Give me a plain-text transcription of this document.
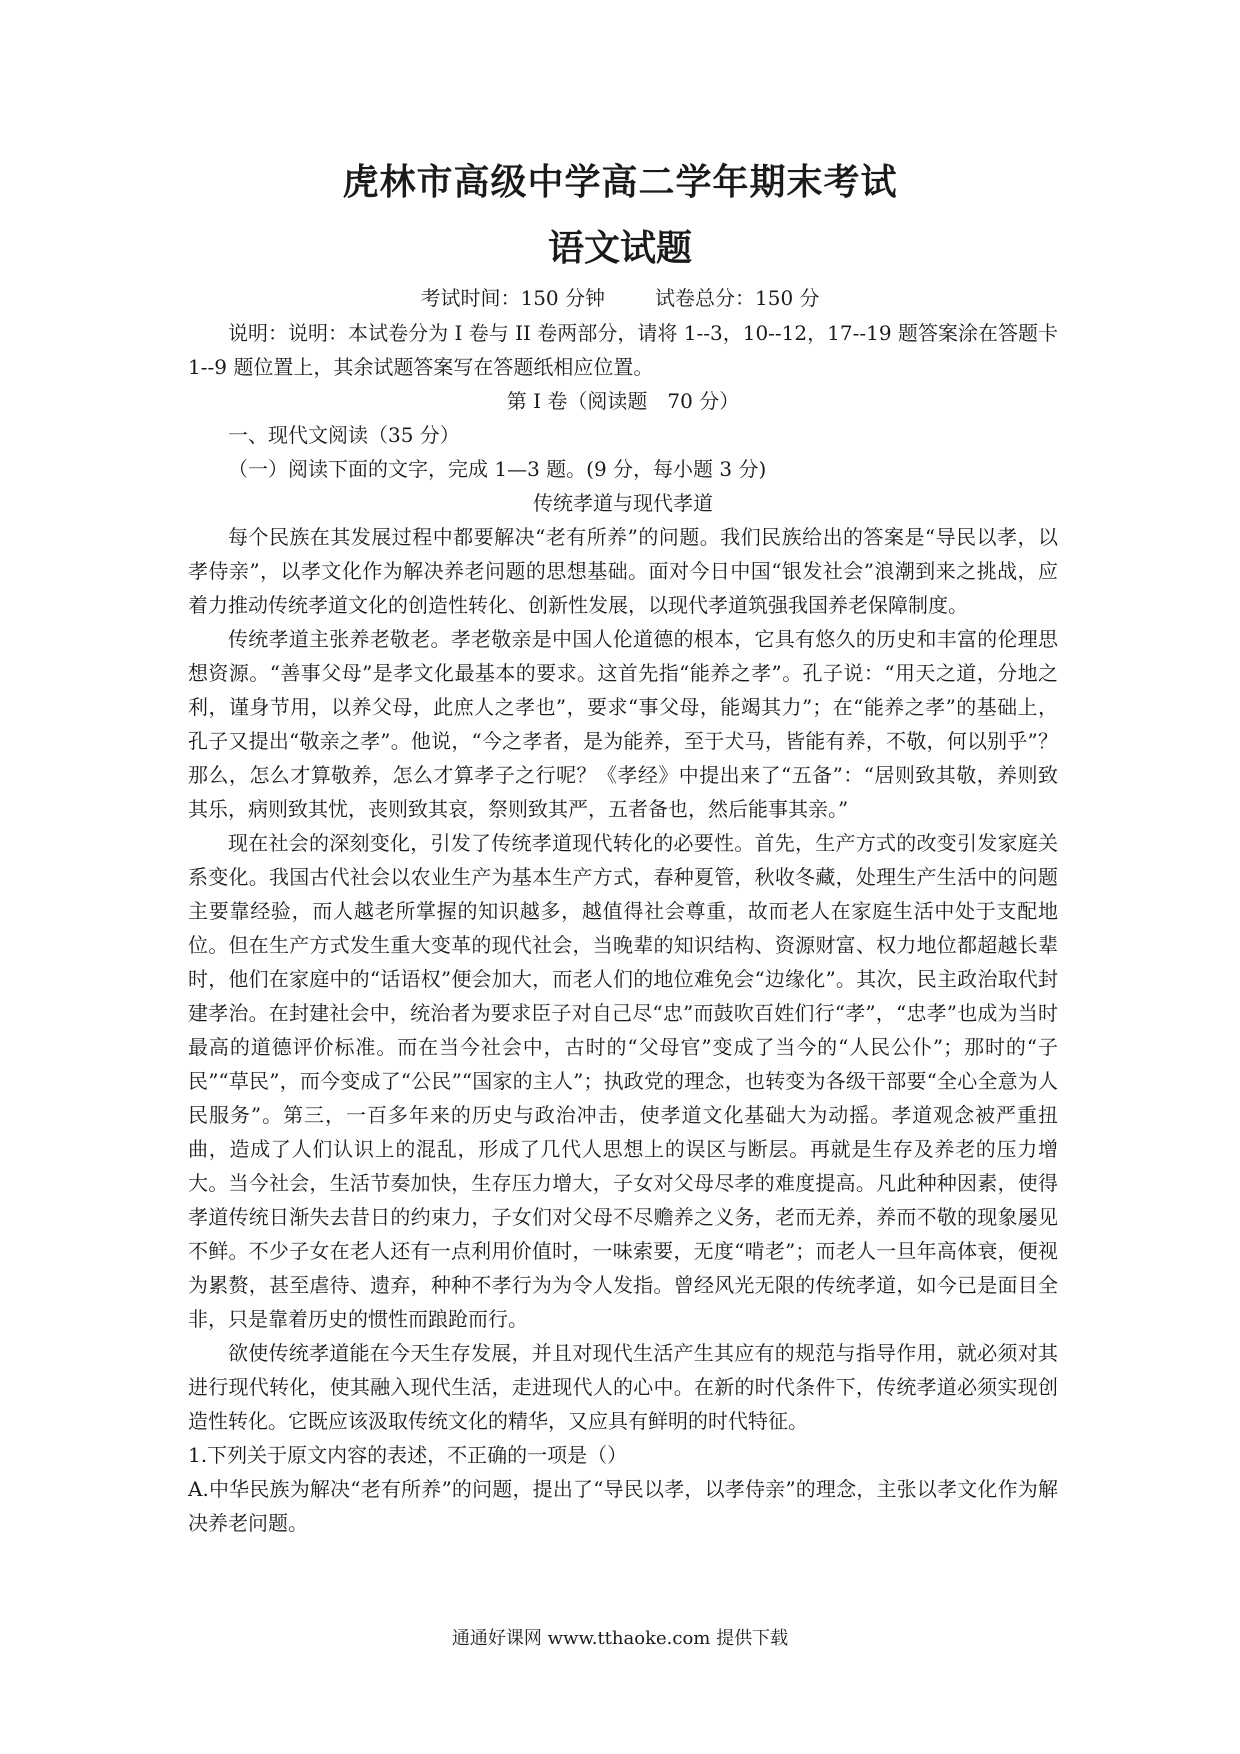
虎林市高级中学高二学年期末考试
语文试题
考试时间：150 分钟	试卷总分：150 分

说明：说明：本试卷分为 I 卷与 II 卷两部分，请将 1--3，10--12，17--19 题答案涂在答题卡 1--9 题位置上，其余试题答案写在答题纸相应位置。

第 I 卷（阅读题　70 分）

一、现代文阅读（35 分）

（一）阅读下面的文字，完成 1—3 题。(9 分，每小题 3 分)

传统孝道与现代孝道

每个民族在其发展过程中都要解决“老有所养”的问题。我们民族给出的答案是“导民以孝，以孝侍亲”，以孝文化作为解决养老问题的思想基础。面对今日中国“银发社会”浪潮到来之挑战，应着力推动传统孝道文化的创造性转化、创新性发展，以现代孝道筑强我国养老保障制度。

传统孝道主张养老敬老。孝老敬亲是中国人伦道德的根本，它具有悠久的历史和丰富的伦理思想资源。“善事父母”是孝文化最基本的要求。这首先指“能养之孝”。孔子说：“用天之道，分地之利，谨身节用，以养父母，此庶人之孝也”，要求“事父母，能竭其力”；在“能养之孝”的基础上，孔子又提出“敬亲之孝”。他说，“今之孝者，是为能养，至于犬马，皆能有养，不敬，何以别乎”？那么，怎么才算敬养，怎么才算孝子之行呢？《孝经》中提出来了“五备”：“居则致其敬，养则致其乐，病则致其忧，丧则致其哀，祭则致其严，五者备也，然后能事其亲。”

现在社会的深刻变化，引发了传统孝道现代转化的必要性。首先，生产方式的改变引发家庭关系变化。我国古代社会以农业生产为基本生产方式，春种夏管，秋收冬藏，处理生产生活中的问题主要靠经验，而人越老所掌握的知识越多，越值得社会尊重，故而老人在家庭生活中处于支配地位。但在生产方式发生重大变革的现代社会，当晚辈的知识结构、资源财富、权力地位都超越长辈时，他们在家庭中的“话语权”便会加大，而老人们的地位难免会“边缘化”。其次，民主政治取代封建孝治。在封建社会中，统治者为要求臣子对自己尽“忠”而鼓吹百姓们行“孝”，“忠孝”也成为当时最高的道德评价标准。而在当今社会中，古时的“父母官”变成了当今的“人民公仆”；那时的“子民”“草民”，而今变成了“公民”“国家的主人”；执政党的理念，也转变为各级干部要“全心全意为人民服务”。第三，一百多年来的历史与政治冲击，使孝道文化基础大为动摇。孝道观念被严重扭曲，造成了人们认识上的混乱，形成了几代人思想上的误区与断层。再就是生存及养老的压力增大。当今社会，生活节奏加快，生存压力增大，子女对父母尽孝的难度提高。凡此种种因素，使得孝道传统日渐失去昔日的约束力，子女们对父母不尽赡养之义务，老而无养，养而不敬的现象屡见不鲜。不少子女在老人还有一点利用价值时，一味索要，无度“啃老”；而老人一旦年高体衰，便视为累赘，甚至虐待、遗弃，种种不孝行为为令人发指。曾经风光无限的传统孝道，如今已是面目全非，只是靠着历史的惯性而踉跄而行。

欲使传统孝道能在今天生存发展，并且对现代生活产生其应有的规范与指导作用，就必须对其进行现代转化，使其融入现代生活，走进现代人的心中。在新的时代条件下，传统孝道必须实现创造性转化。它既应该汲取传统文化的精华，又应具有鲜明的时代特征。

1.下列关于原文内容的表述，不正确的一项是（）

A.中华民族为解决“老有所养”的问题，提出了“导民以孝，以孝侍亲”的理念，主张以孝文化作为解决养老问题。

通通好课网 www.tthaoke.com 提供下载
